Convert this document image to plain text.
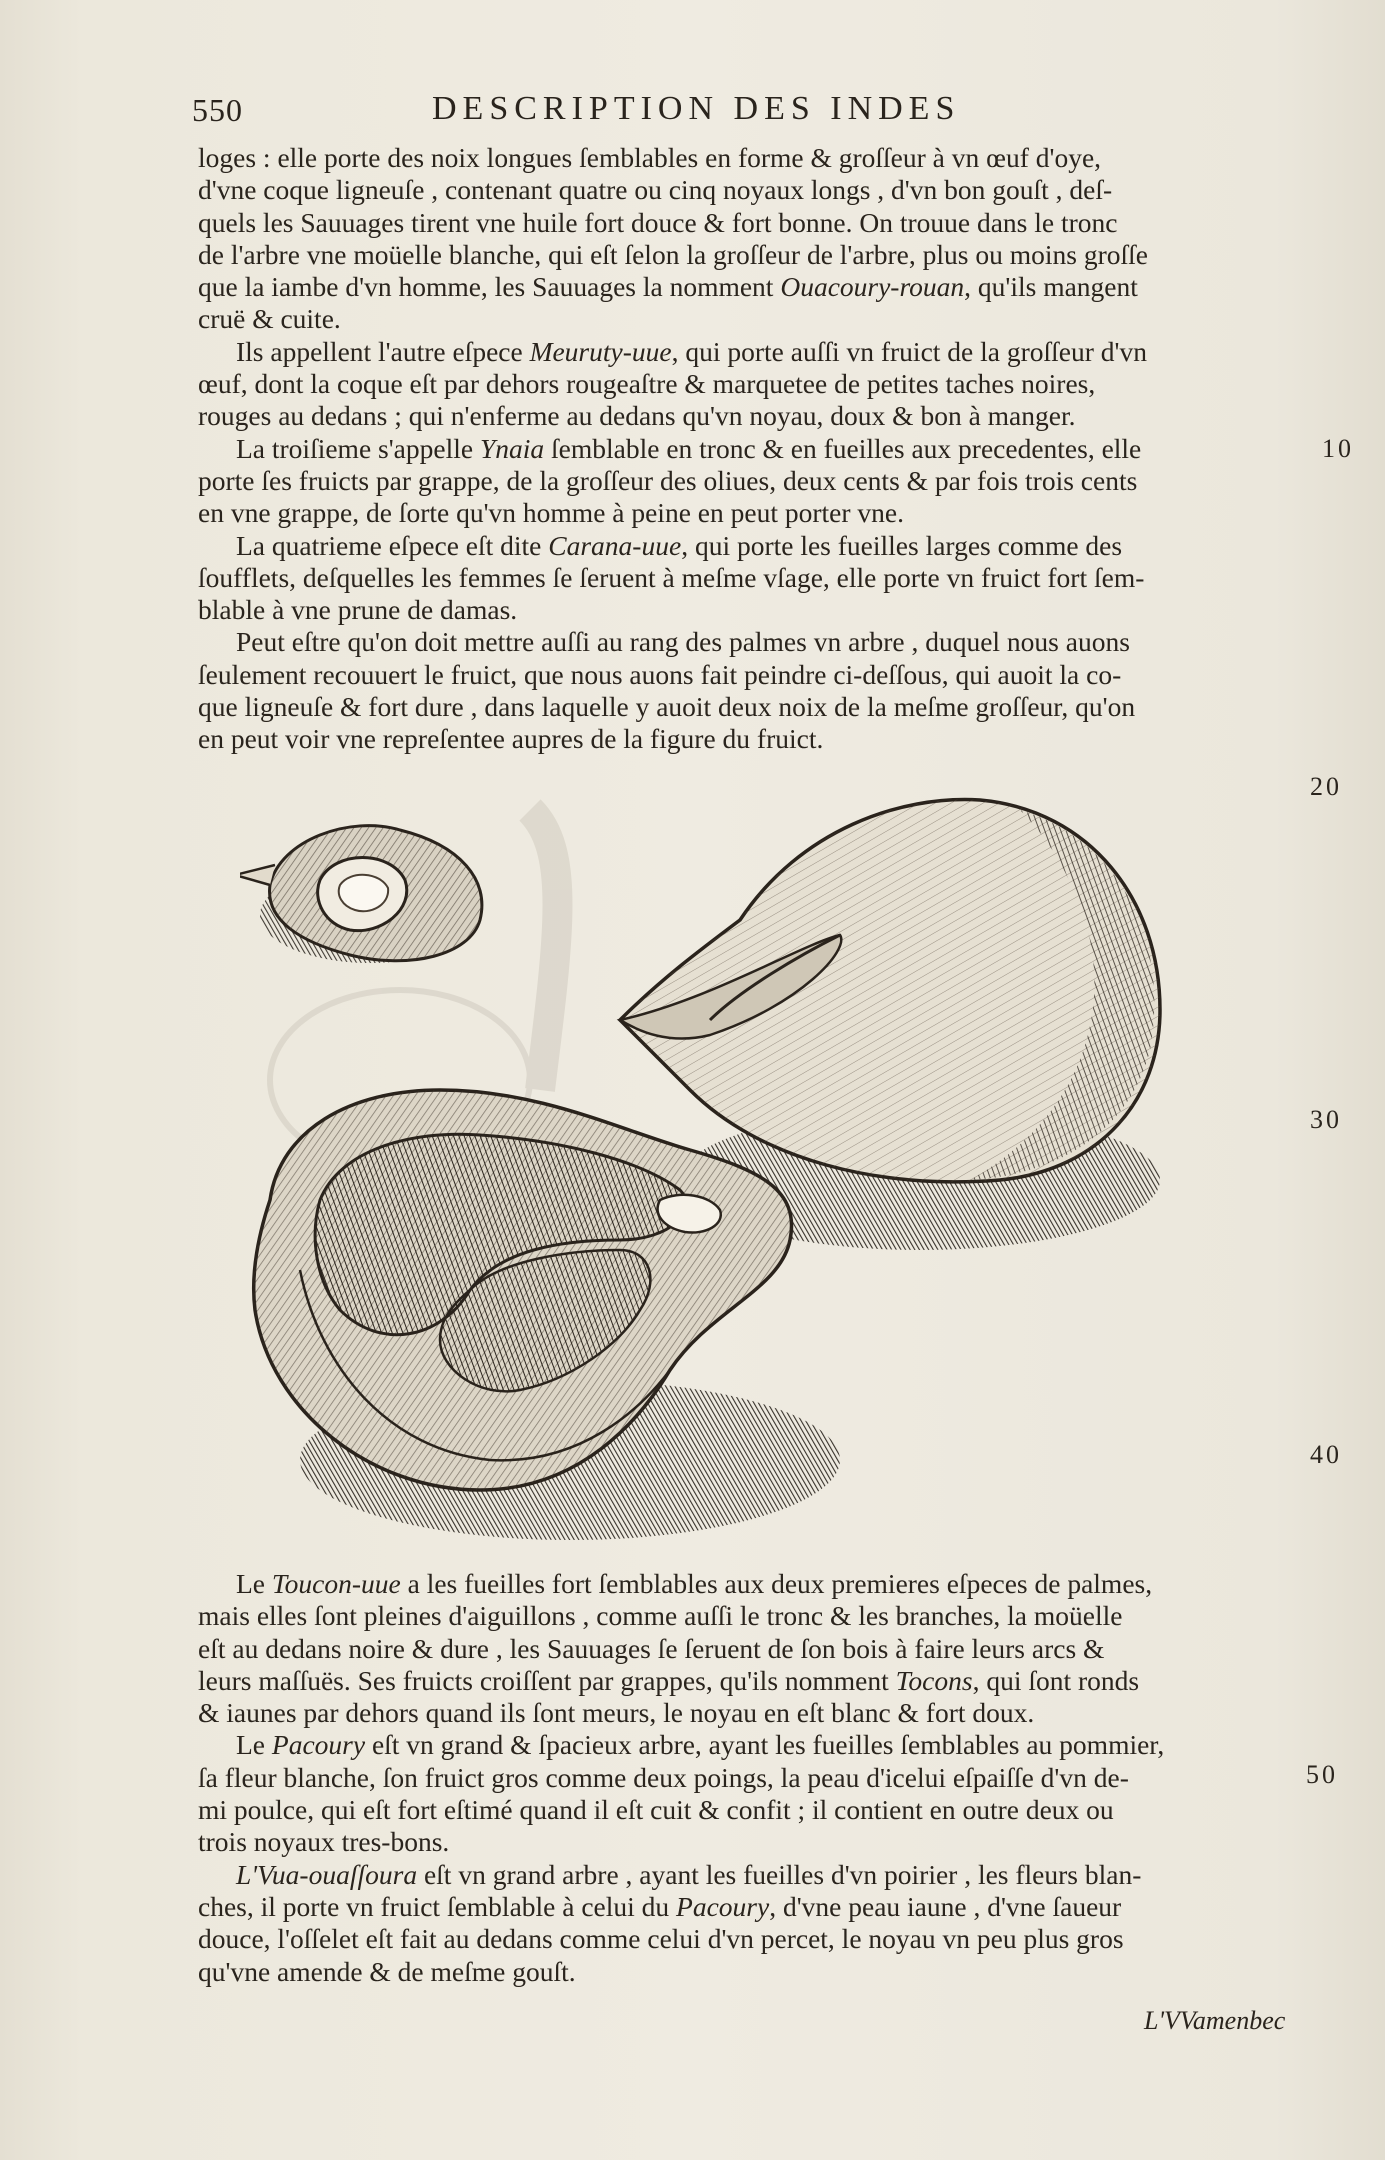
550	DESCRIPTION DES INDES
loges : elle porte des noix longues ſemblables en forme & groſſeur à vn œuf d'oye,
d'vne coque ligneuſe , contenant quatre ou cinq noyaux longs , d'vn bon gouſt , deſ-
quels les Sauuages tirent vne huile fort douce & fort bonne. On trouue dans le tronc
de l'arbre vne moüelle blanche, qui eſt ſelon la groſſeur de l'arbre, plus ou moins groſſe
que la iambe d'vn homme, les Sauuages la nomment Ouacoury-rouan, qu'ils mangent
cruë & cuite.
Ils appellent l'autre eſpece Meuruty-uue, qui porte auſſi vn fruict de la groſſeur d'vn
œuf, dont la coque eſt par dehors rougeaſtre & marquetee de petites taches noires,
rouges au dedans ; qui n'enferme au dedans qu'vn noyau, doux & bon à manger.
La troiſieme s'appelle Ynaia ſemblable en tronc & en fueilles aux precedentes, elle
porte ſes fruicts par grappe, de la groſſeur des oliues, deux cents & par fois trois cents
en vne grappe, de ſorte qu'vn homme à peine en peut porter vne.
La quatrieme eſpece eſt dite Carana-uue, qui porte les fueilles larges comme des
ſoufflets, deſquelles les femmes ſe ſeruent à meſme vſage, elle porte vn fruict fort ſem-
blable à vne prune de damas.
Peut eſtre qu'on doit mettre auſſi au rang des palmes vn arbre , duquel nous auons
ſeulement recouuert le fruict, que nous auons fait peindre ci-deſſous, qui auoit la co-
que ligneuſe & fort dure , dans laquelle y auoit deux noix de la meſme groſſeur, qu'on
en peut voir vne repreſentee aupres de la figure du fruict.
Le Toucon-uue a les fueilles fort ſemblables aux deux premieres eſpeces de palmes,
mais elles ſont pleines d'aiguillons , comme auſſi le tronc & les branches, la moüelle
eſt au dedans noire & dure , les Sauuages ſe ſeruent de ſon bois à faire leurs arcs &
leurs maſſuës. Ses fruicts croiſſent par grappes, qu'ils nomment Tocons, qui ſont ronds
& iaunes par dehors quand ils ſont meurs, le noyau en eſt blanc & fort doux.
Le Pacoury eſt vn grand & ſpacieux arbre, ayant les fueilles ſemblables au pommier,
ſa fleur blanche, ſon fruict gros comme deux poings, la peau d'icelui eſpaiſſe d'vn de-
mi poulce, qui eſt fort eſtimé quand il eſt cuit & confit ; il contient en outre deux ou
trois noyaux tres-bons.
L'Vua-ouaſſoura eſt vn grand arbre , ayant les fueilles d'vn poirier , les fleurs blan-
ches, il porte vn fruict ſemblable à celui du Pacoury, d'vne peau iaune , d'vne ſaueur
douce, l'oſſelet eſt fait au dedans comme celui d'vn percet, le noyau vn peu plus gros
qu'vne amende & de meſme gouſt.
10
20
30
40
50
L'VVamenbec
